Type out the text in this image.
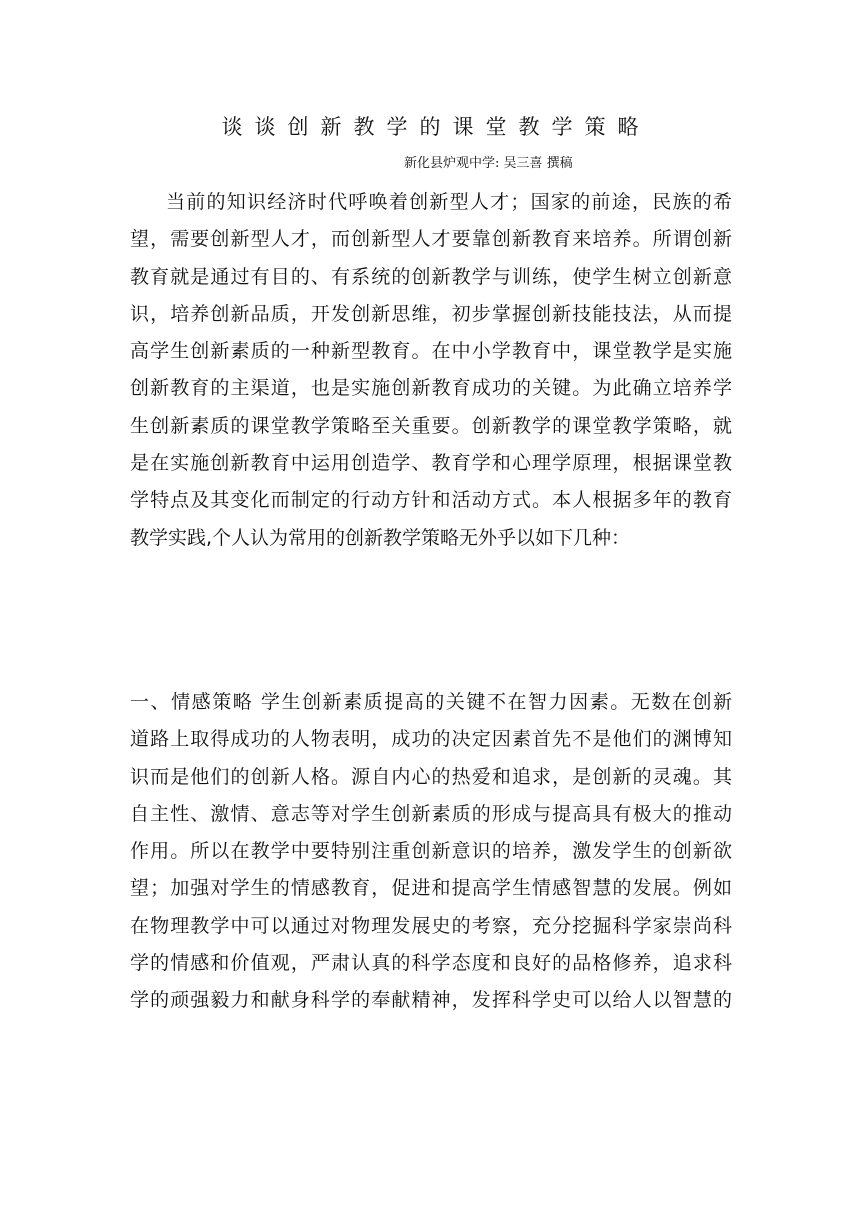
谈谈创新教学的课堂教学策略
新化县炉观中学: 吴三喜 撰稿

当前的知识经济时代呼唤着创新型人才；国家的前途，民族的希
望，需要创新型人才，而创新型人才要靠创新教育来培养。所谓创新
教育就是通过有目的、有系统的创新教学与训练，使学生树立创新意
识，培养创新品质，开发创新思维，初步掌握创新技能技法，从而提
高学生创新素质的一种新型教育。在中小学教育中，课堂教学是实施
创新教育的主渠道，也是实施创新教育成功的关键。为此确立培养学
生创新素质的课堂教学策略至关重要。创新教学的课堂教学策略，就
是在实施创新教育中运用创造学、教育学和心理学原理，根据课堂教
学特点及其变化而制定的行动方针和活动方式。本人根据多年的教育
教学实践,个人认为常用的创新教学策略无外乎以如下几种：

一、情感策略 学生创新素质提高的关键不在智力因素。无数在创新
道路上取得成功的人物表明，成功的决定因素首先不是他们的渊博知
识而是他们的创新人格。源自内心的热爱和追求，是创新的灵魂。其
自主性、激情、意志等对学生创新素质的形成与提高具有极大的推动
作用。所以在教学中要特别注重创新意识的培养，激发学生的创新欲
望；加强对学生的情感教育，促进和提高学生情感智慧的发展。例如
在物理教学中可以通过对物理发展史的考察，充分挖掘科学家崇尚科
学的情感和价值观，严肃认真的科学态度和良好的品格修养，追求科
学的顽强毅力和献身科学的奉献精神，发挥科学史可以给人以智慧的
